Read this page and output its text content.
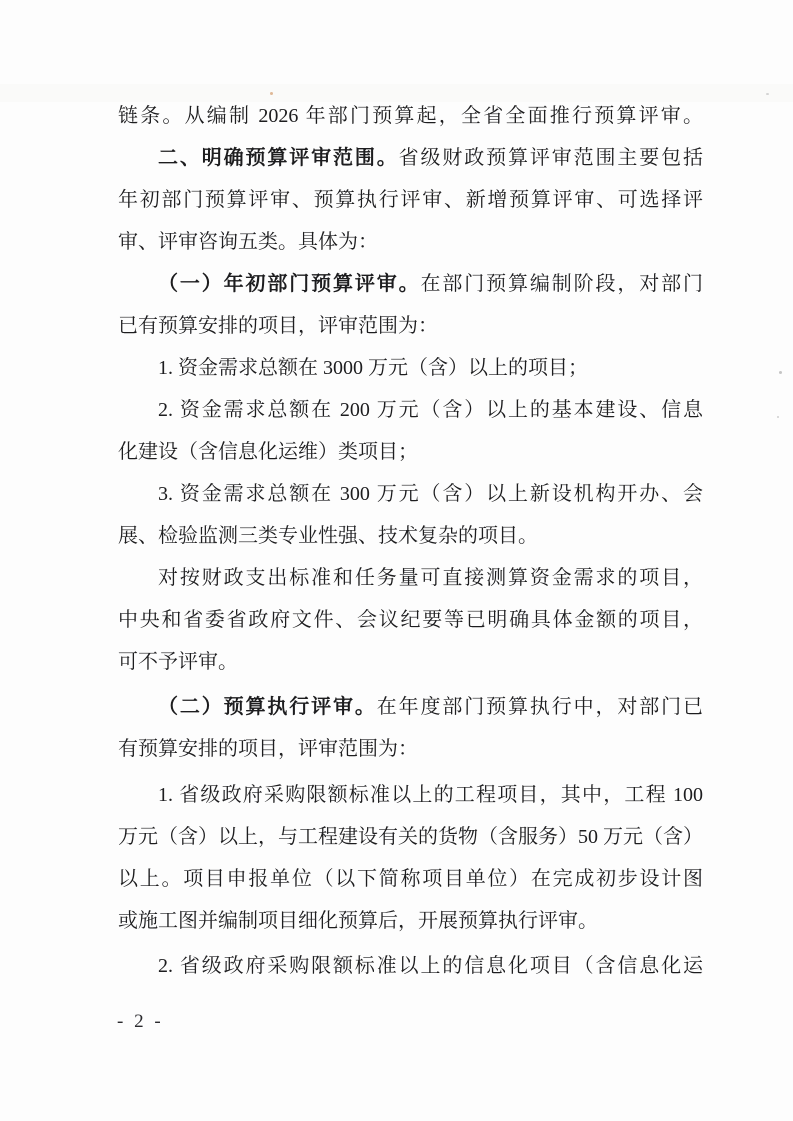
链条。从编制 2026 年部门预算起，全省全面推行预算评审。
二、明确预算评审范围。省级财政预算评审范围主要包括
年初部门预算评审、预算执行评审、新增预算评审、可选择评
审、评审咨询五类。具体为：
（一）年初部门预算评审。在部门预算编制阶段，对部门
已有预算安排的项目，评审范围为：
1. 资金需求总额在 3000 万元（含）以上的项目；
2. 资金需求总额在 200 万元（含）以上的基本建设、信息
化建设（含信息化运维）类项目；
3. 资金需求总额在 300 万元（含）以上新设机构开办、会
展、检验监测三类专业性强、技术复杂的项目。
对按财政支出标准和任务量可直接测算资金需求的项目，
中央和省委省政府文件、会议纪要等已明确具体金额的项目，
可不予评审。
（二）预算执行评审。在年度部门预算执行中，对部门已
有预算安排的项目，评审范围为：
1. 省级政府采购限额标准以上的工程项目，其中，工程 100
万元（含）以上，与工程建设有关的货物（含服务）50 万元（含）
以上。项目申报单位（以下简称项目单位）在完成初步设计图
或施工图并编制项目细化预算后，开展预算执行评审。
2. 省级政府采购限额标准以上的信息化项目（含信息化运
- 2 -
